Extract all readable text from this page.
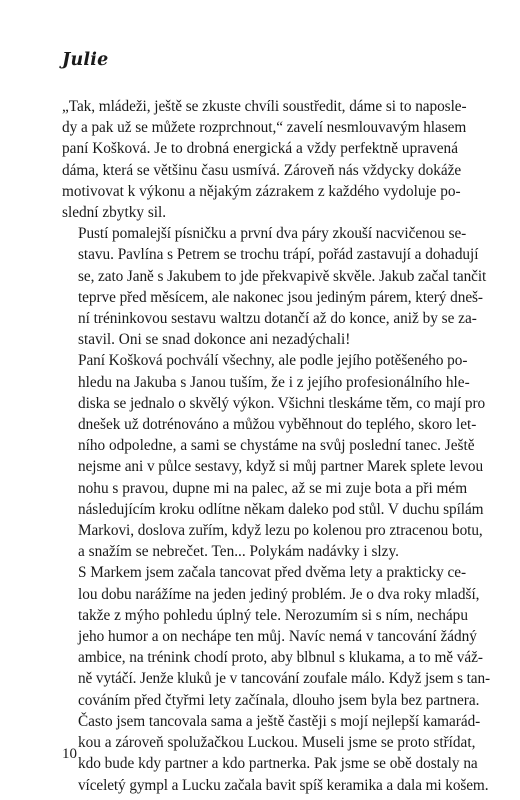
Julie

„Tak, mládeži, ještě se zkuste chvíli soustředit, dáme si to naposle-
dy a pak už se můžete rozprchnout,“ zavelí nesmlouvavým hlasem
paní Košková. Je to drobná energická a vždy perfektně upravená
dáma, která se většinu času usmívá. Zároveň nás vždycky dokáže
motivovat k výkonu a nějakým zázrakem z každého vydoluje po-
slední zbytky sil.

Pustí pomalejší písničku a první dva páry zkouší nacvičenou se-
stavu. Pavlína s Petrem se trochu trápí, pořád zastavují a dohadují
se, zato Janě s Jakubem to jde překvapivě skvěle. Jakub začal tančit
teprve před měsícem, ale nakonec jsou jediným párem, který dneš-
ní tréninkovou sestavu waltzu dotančí až do konce, aniž by se za-
stavil. Oni se snad dokonce ani nezadýchali!

Paní Košková pochválí všechny, ale podle jejího potěšeného po-
hledu na Jakuba s Janou tuším, že i z jejího profesionálního hle-
diska se jednalo o skvělý výkon. Všichni tleskáme těm, co mají pro
dnešek už dotrénováno a můžou vyběhnout do teplého, skoro let-
ního odpoledne, a sami se chystáme na svůj poslední tanec. Ještě
nejsme ani v půlce sestavy, když si můj partner Marek splete levou
nohu s pravou, dupne mi na palec, až se mi zuje bota a při mém
následujícím kroku odlítne někam daleko pod stůl. V duchu spílám
Markovi, doslova zuřím, když lezu po kolenou pro ztracenou botu,
a snažím se nebrečet. Ten... Polykám nadávky i slzy.

S Markem jsem začala tancovat před dvěma lety a prakticky ce-
lou dobu narážíme na jeden jediný problém. Je o dva roky mladší,
takže z mýho pohledu úplný tele. Nerozumím si s ním, nechápu
jeho humor a on nechápe ten můj. Navíc nemá v tancování žádný
ambice, na trénink chodí proto, aby blbnul s klukama, a to mě váž-
ně vytáčí. Jenže kluků je v tancování zoufale málo. Když jsem s tan-
cováním před čtyřmi lety začínala, dlouho jsem byla bez partnera.
Často jsem tancovala sama a ještě častěji s mojí nejlepší kamarád-
kou a zároveň spolužačkou Luckou. Museli jsme se proto střídat,
kdo bude kdy partner a kdo partnerka. Pak jsme se obě dostaly na
víceletý gympl a Lucku začala bavit spíš keramika a dala mi košem.

10
